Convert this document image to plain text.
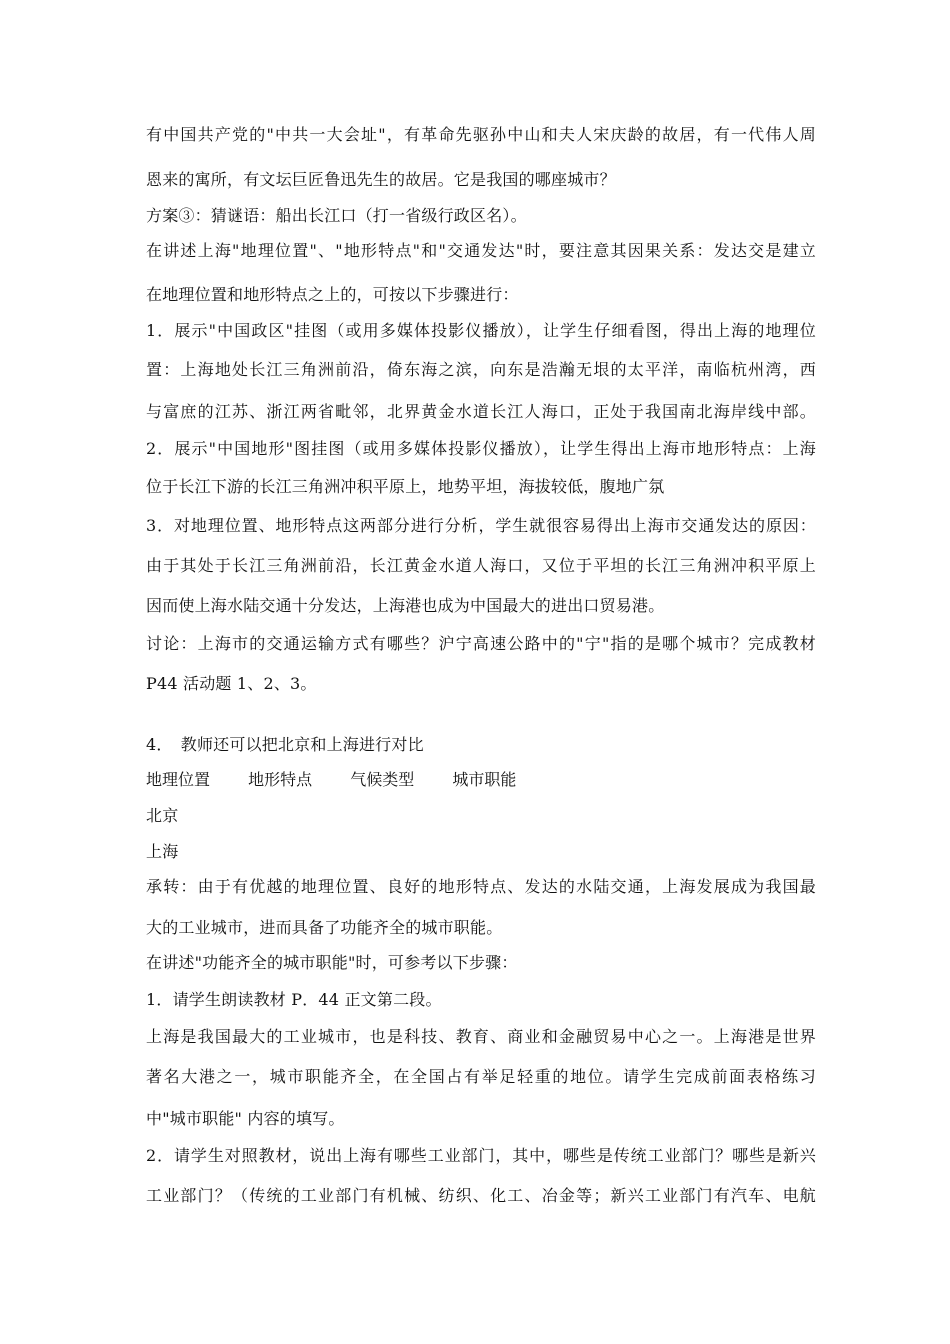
有中国共产党的"中共一大会址"，有革命先驱孙中山和夫人宋庆龄的故居，有一代伟人周
恩来的寓所，有文坛巨匠鲁迅先生的故居。它是我国的哪座城市？
方案③：猜谜语：船出长江口（打一省级行政区名）。
在讲述上海"地理位置"、"地形特点"和"交通发达"时，要注意其因果关系：发达交是建立
在地理位置和地形特点之上的，可按以下步骤进行：
1．展示"中国政区"挂图（或用多媒体投影仪播放），让学生仔细看图，得出上海的地理位
置：上海地处长江三角洲前沿，倚东海之滨，向东是浩瀚无垠的太平洋，南临杭州湾，西
与富庶的江苏、浙江两省毗邻，北界黄金水道长江人海口，正处于我国南北海岸线中部。
2．展示"中国地形"图挂图（或用多媒体投影仪播放），让学生得出上海市地形特点：上海
位于长江下游的长江三角洲冲积平原上，地势平坦，海拔较低，腹地广氛
3．对地理位置、地形特点这两部分进行分析，学生就很容易得出上海市交通发达的原因：
由于其处于长江三角洲前沿，长江黄金水道人海口，又位于平坦的长江三角洲冲积平原上
因而使上海水陆交通十分发达，上海港也成为中国最大的进出口贸易港。
讨论：上海市的交通运输方式有哪些？沪宁高速公路中的"宁"指的是哪个城市？完成教材
P44 活动题 1、2、3。
4．　教师还可以把北京和上海进行对比
地理位置 地形特点 气候类型 城市职能
北京
上海
承转：由于有优越的地理位置、良好的地形特点、发达的水陆交通，上海发展成为我国最
大的工业城市，进而具备了功能齐全的城市职能。
在讲述"功能齐全的城市职能"时，可参考以下步骤：
1．请学生朗读教材 P．44 正文第二段。
上海是我国最大的工业城市，也是科技、教育、商业和金融贸易中心之一。上海港是世界
著名大港之一，城市职能齐全，在全国占有举足轻重的地位。请学生完成前面表格练习
中"城市职能" 内容的填写。
2．请学生对照教材，说出上海有哪些工业部门，其中，哪些是传统工业部门？哪些是新兴
工业部门？（传统的工业部门有机械、纺织、化工、冶金等；新兴工业部门有汽车、电航
